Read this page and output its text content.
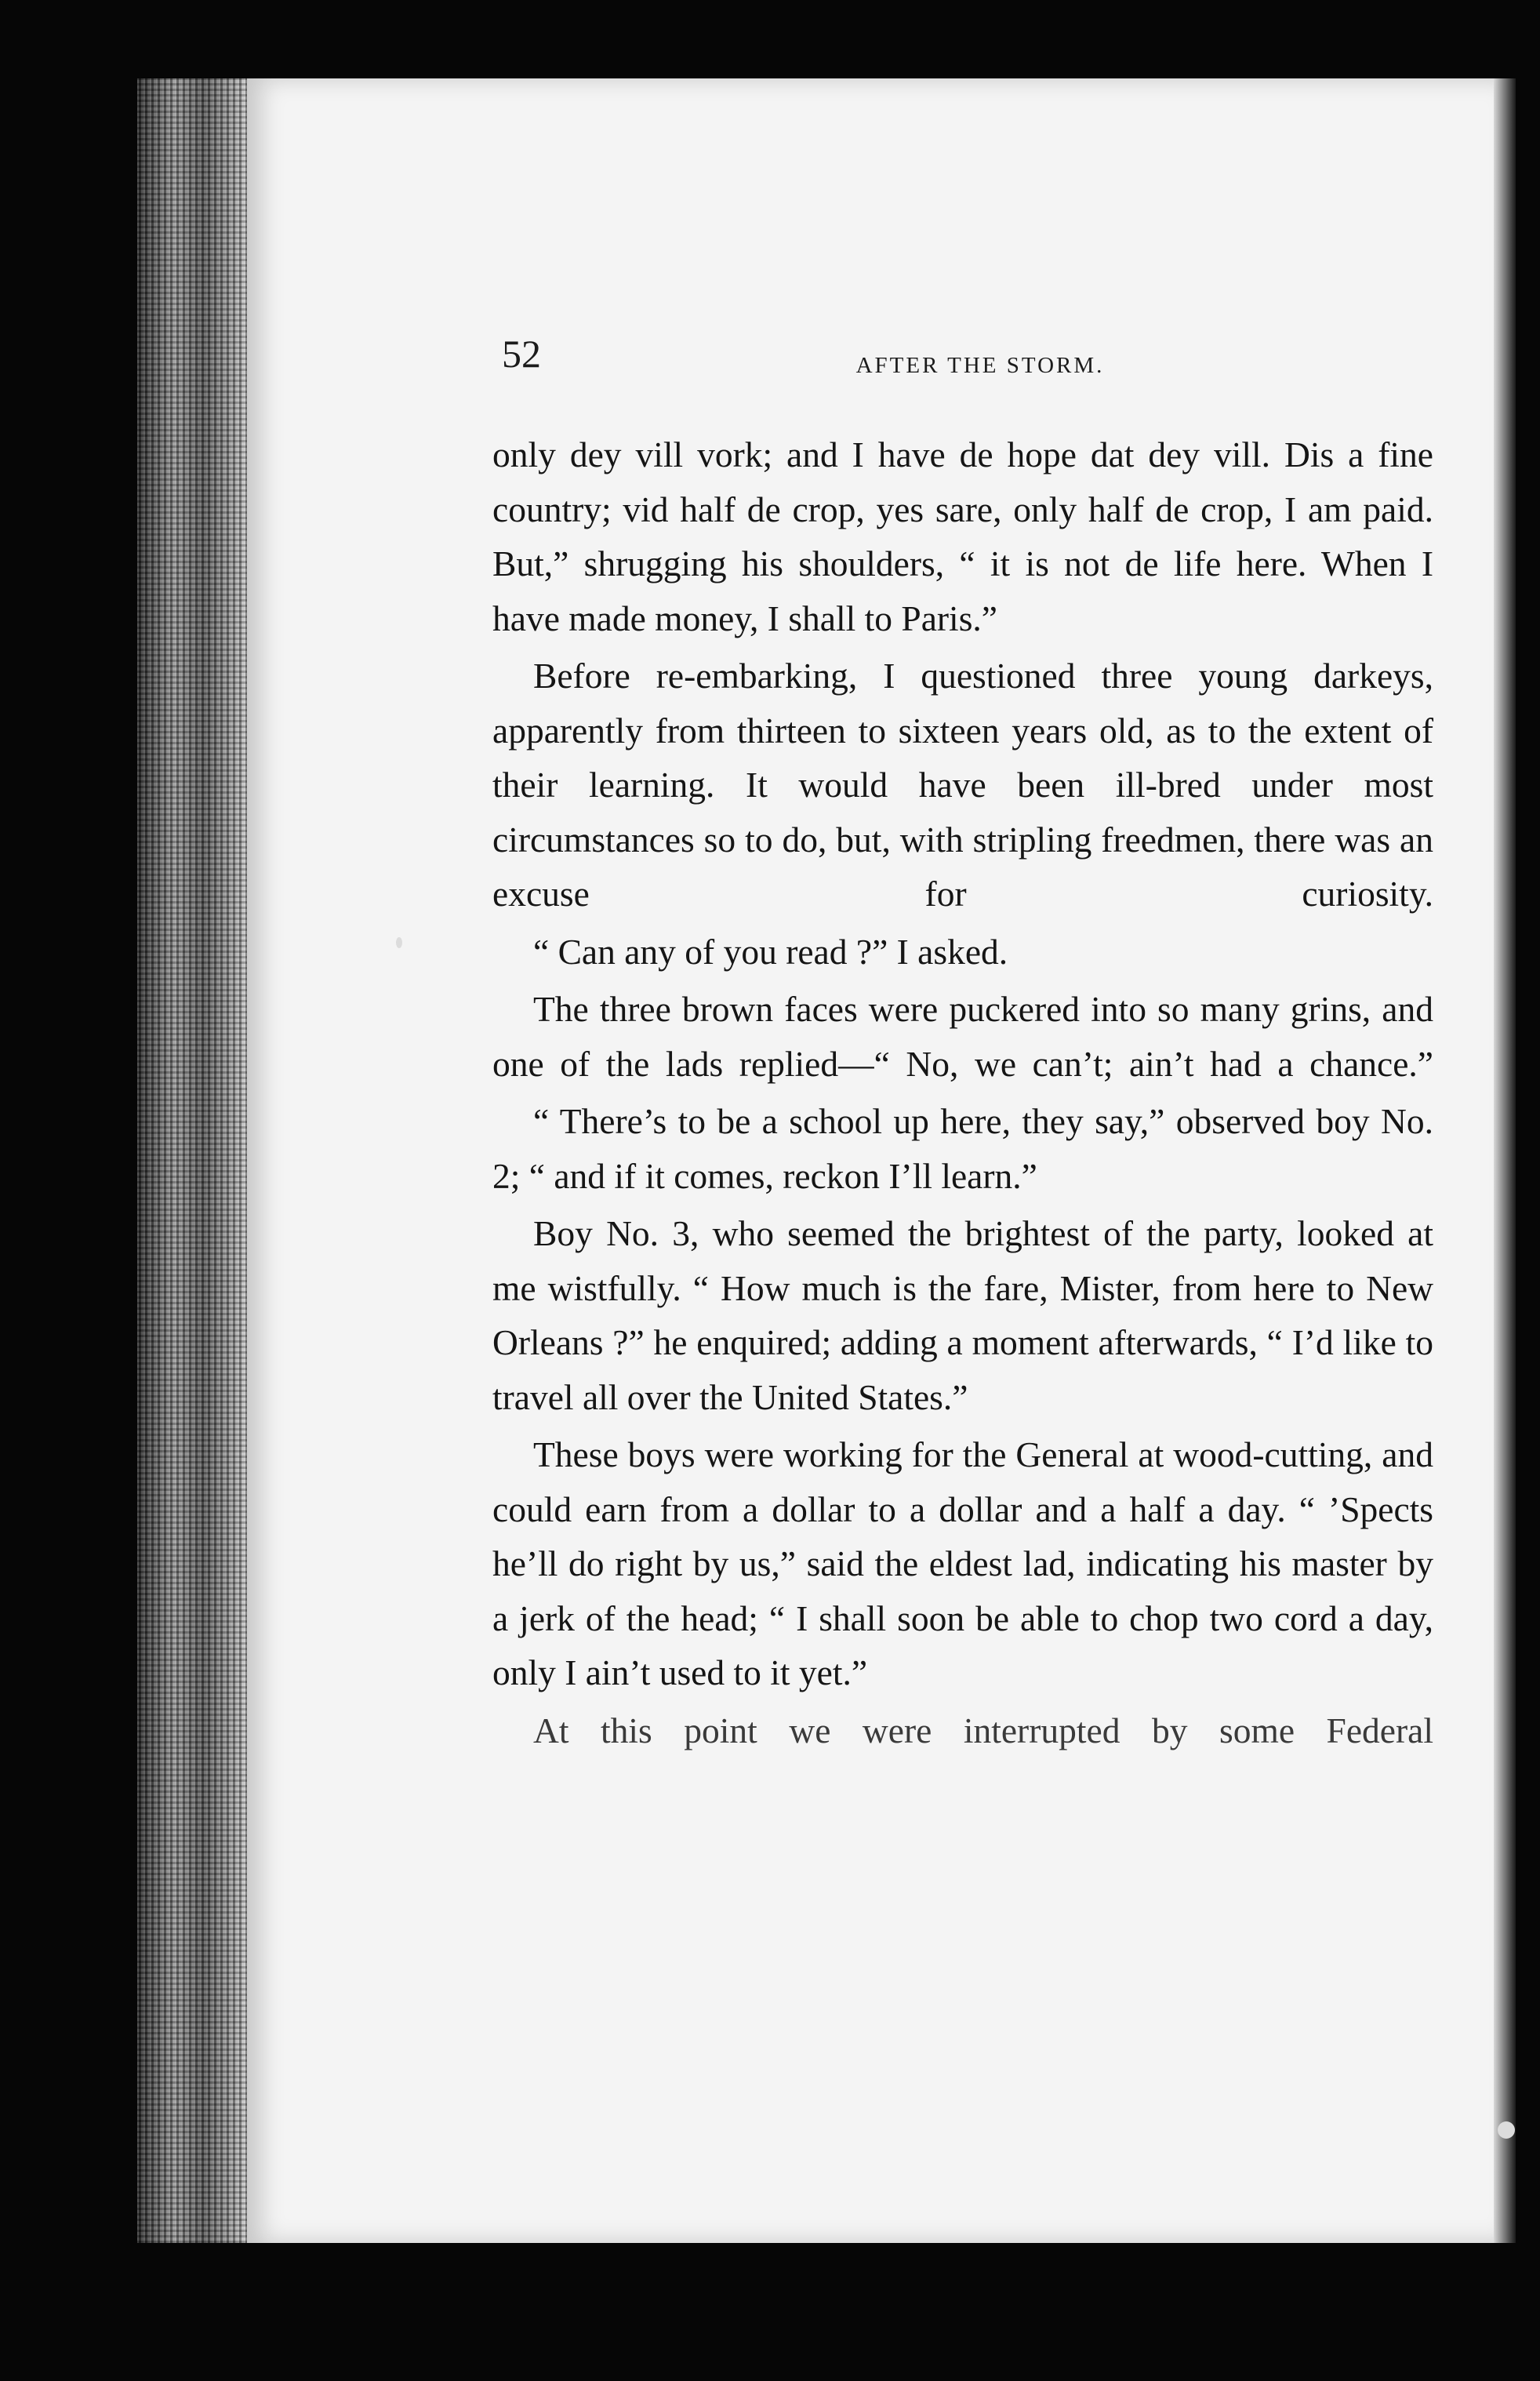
52	AFTER THE STORM.

only dey vill vork; and I have de hope dat dey vill. Dis a fine country; vid half de crop, yes sare, only half de crop, I am paid. But,” shrugging his shoulders, “ it is not de life here. When I have made money, I shall to Paris.”

Before re-embarking, I questioned three young darkeys, apparently from thirteen to sixteen years old, as to the extent of their learning. It would have been ill-bred under most circumstances so to do, but, with stripling freedmen, there was an excuse for curiosity.

“ Can any of you read ?” I asked.

The three brown faces were puckered into so many grins, and one of the lads replied—“ No, we can’t; ain’t had a chance.”

“ There’s to be a school up here, they say,” observed boy No. 2; “ and if it comes, reckon I’ll learn.”

Boy No. 3, who seemed the brightest of the party, looked at me wistfully. “ How much is the fare, Mister, from here to New Orleans ?” he enquired; adding a moment afterwards, “ I’d like to travel all over the United States.”

These boys were working for the General at wood-cutting, and could earn from a dollar to a dollar and a half a day. “ ’Spects he’ll do right by us,” said the eldest lad, indicating his master by a jerk of the head; “ I shall soon be able to chop two cord a day, only I ain’t used to it yet.”

At this point we were interrupted by some Federal
